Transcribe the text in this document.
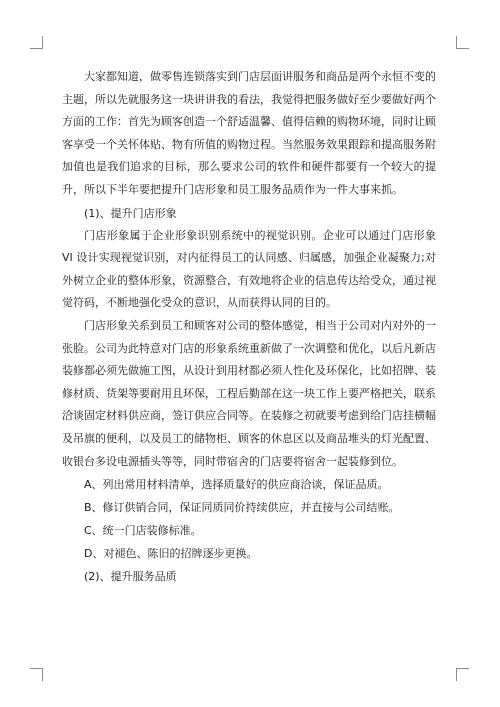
大家都知道，做零售连锁落实到门店层面讲服务和商品是两个永恒不变的主题，所以先就服务这一块讲讲我的看法，我觉得把服务做好至少要做好两个方面的工作：首先为顾客创造一个舒适温馨、值得信赖的购物环境，同时让顾客享受一个关怀体贴、物有所值的购物过程。当然服务效果跟踪和提高服务附加值也是我们追求的目标，那么要求公司的软件和硬件都要有一个较大的提升，所以下半年要把提升门店形象和员工服务品质作为一件大事来抓。

(1)、提升门店形象

门店形象属于企业形象识别系统中的视觉识别。企业可以通过门店形象 VI 设计实现视觉识别，对内征得员工的认同感、归属感，加强企业凝聚力;对外树立企业的整体形象，资源整合，有效地将企业的信息传达给受众，通过视觉符码，不断地强化受众的意识，从而获得认同的目的。

门店形象关系到员工和顾客对公司的整体感觉，相当于公司对内对外的一张脸。公司为此特意对门店的形象系统重新做了一次调整和优化，以后凡新店装修都必须先做施工图，从设计到用材都必须人性化及环保化，比如招牌、装修材质、货架等要耐用且环保，工程后勤部在这一块工作上要严格把关，联系洽谈固定材料供应商，签订供应合同等。在装修之初就要考虑到给门店挂横幅及吊旗的便利，以及员工的储物柜、顾客的休息区以及商品堆头的灯光配置、收银台多设电源插头等等，同时带宿舍的门店要将宿舍一起装修到位。

A、列出常用材料清单，选择质量好的供应商洽谈，保证品质。

B、修订供销合同，保证同质同价持续供应，并直接与公司结账。

C、统一门店装修标准。

D、对褪色、陈旧的招牌逐步更换。

(2)、提升服务品质
